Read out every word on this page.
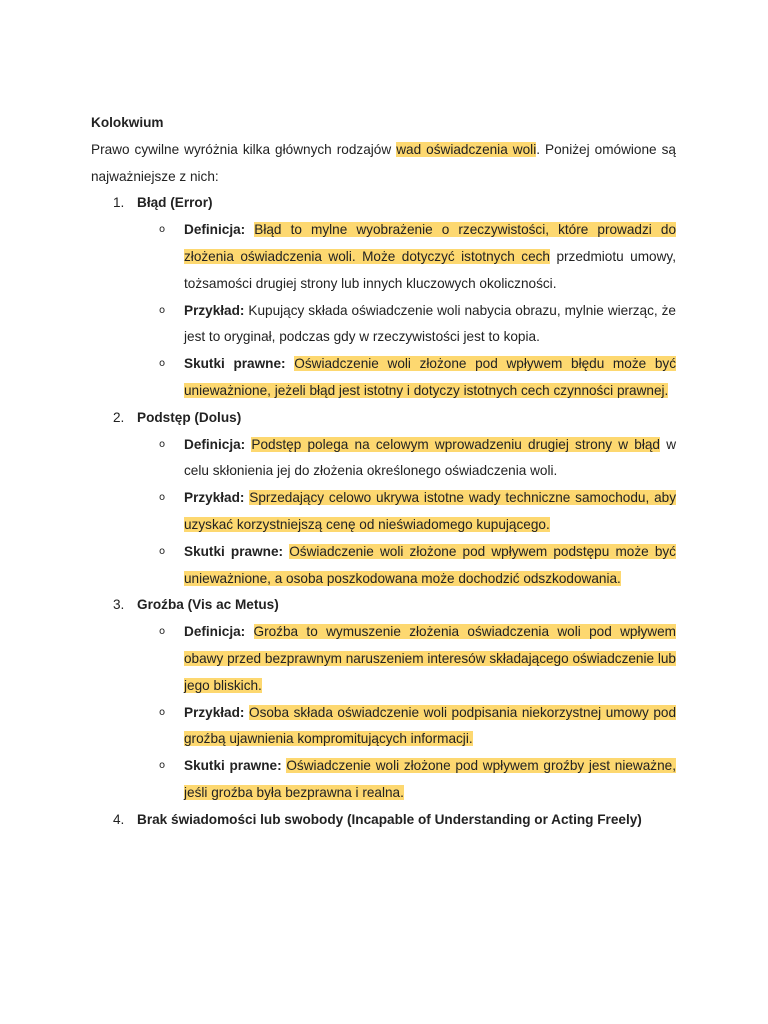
Kolokwium
Prawo cywilne wyróżnia kilka głównych rodzajów wad oświadczenia woli. Poniżej omówione są najważniejsze z nich:
1. Błąd (Error)
o Definicja: Błąd to mylne wyobrażenie o rzeczywistości, które prowadzi do złożenia oświadczenia woli. Może dotyczyć istotnych cech przedmiotu umowy, tożsamości drugiej strony lub innych kluczowych okoliczności.
o Przykład: Kupujący składa oświadczenie woli nabycia obrazu, mylnie wierząc, że jest to oryginał, podczas gdy w rzeczywistości jest to kopia.
o Skutki prawne: Oświadczenie woli złożone pod wpływem błędu może być unieważnione, jeżeli błąd jest istotny i dotyczy istotnych cech czynności prawnej.
2. Podstęp (Dolus)
o Definicja: Podstęp polega na celowym wprowadzeniu drugiej strony w błąd w celu skłonienia jej do złożenia określonego oświadczenia woli.
o Przykład: Sprzedający celowo ukrywa istotne wady techniczne samochodu, aby uzyskać korzystniejszą cenę od nieświadomego kupującego.
o Skutki prawne: Oświadczenie woli złożone pod wpływem podstępu może być unieważnione, a osoba poszkodowana może dochodzić odszkodowania.
3. Groźba (Vis ac Metus)
o Definicja: Groźba to wymuszenie złożenia oświadczenia woli pod wpływem obawy przed bezprawnym naruszeniem interesów składającego oświadczenie lub jego bliskich.
o Przykład: Osoba składa oświadczenie woli podpisania niekorzystnej umowy pod groźbą ujawnienia kompromitujących informacji.
o Skutki prawne: Oświadczenie woli złożone pod wpływem groźby jest nieważne, jeśli groźba była bezprawna i realna.
4. Brak świadomości lub swobody (Incapable of Understanding or Acting Freely)
